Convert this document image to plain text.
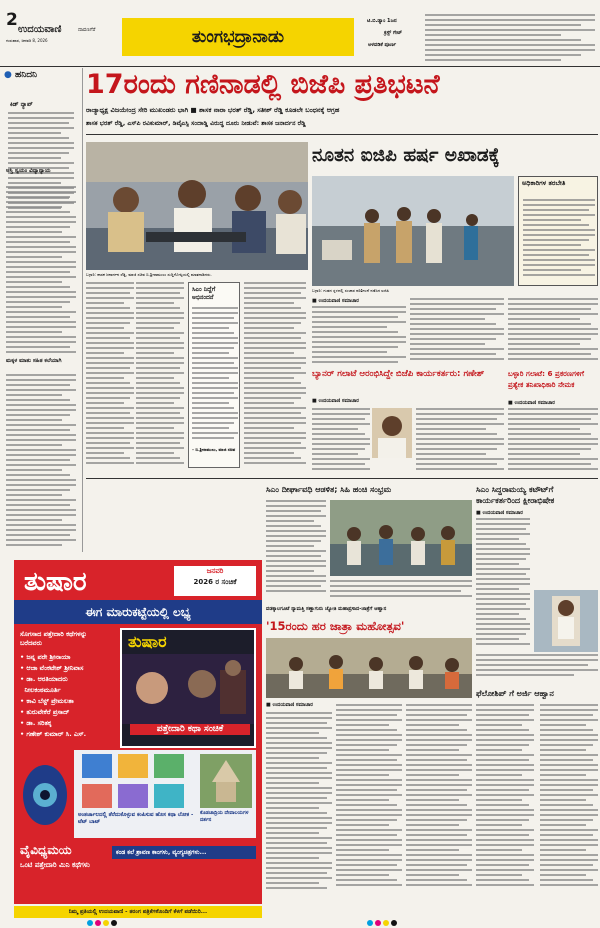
2 ಉದಯವಾಣಿ	ದಾವಣಗೆರೆ
ಗುರುವಾರ, ಜನವರಿ 8, 2026	ತುಂಗಭದ್ರಾನಾಡು
ಟಿ.ಬಿ.ಡ್ಯಾಂ 1ಜನ
ಕ್ರಸ್ಟ್ ಗೇಟ್
ಅಳವಡಿಕೆ ಪೂರ್ಣ
● ಹನಿದನಿ
ಕಿಡ್ ನ್ಯಾಪ್
ಆಸ್ತಿ ಸ್ವಯಂ ವಿದ್ಯಾನ್ಯಾಯ
ಮಕ್ಕಳ ಮಾತು ಸಹಿತ ಕಲೆಯಾಗಿ
17ರಂದು ಗಣಿನಾಡಲ್ಲಿ ಬಿಜೆಪಿ ಪ್ರತಿಭಟನೆ
ರಾಜ್ಯಾಧ್ಯಕ್ಷ ವಿಜಯೇಂದ್ರ ಸೇರಿ ಮುಖಂಡರು ಭಾಗಿ ■ ಶಾಸಕ ನಾರಾ ಭರತ್ ರೆಡ್ಡಿ, ಸತೀಶ್ ರೆಡ್ಡಿ ಕೂಡಲೇ ಬಂಧನಕ್ಕೆ ಆಗ್ರಹ
ಶಾಸಕ ಭರತ್ ರೆಡ್ಡಿ, ಎಸ್‌ಪಿ ರವಿಕುಮಾರ್, ಡಿವೈಎಸ್ಪಿ ಸಂದಾಡ್ಡಿ ವಿರುದ್ಧ ದೂರು ನೀಡುವೆ: ಶಾಸಕ ಜನಾರ್ದನ ರೆಡ್ಡಿ
ಬಳ್ಳಾರಿ: ಶಾಸಕ ಜನಾರ್ದನ ರೆಡ್ಡಿ, ಮಾಜಿ ಸಚಿವ ಬಿ.ಶ್ರೀರಾಮುಲು ಸುದ್ದಿಗೋಷ್ಠಿಯಲ್ಲಿ ಮಾತನಾಡಿದರು.
ನೂತನ ಐಜಿಪಿ ಹರ್ಷ ಅಖಾಡಕ್ಕೆ
ಬಳ್ಳಾರಿ: ಗುಡದ ಸ್ಥಳದಲ್ಲಿ ಸಂಚಾರ ಪರಿಶೀಲನೆ ನಡೆಸಿದ ಐಜಿಪಿ
ಅಧಿಕಾರಿಗಳ ತರಬೇತಿ
ಸಿಎಂ ನಿದ್ದೆಗೆ ಅಭಿನಂದನೆ
– ಬಿ.ಶ್ರೀರಾಮುಲು, ಮಾಜಿ ಸಚಿವ
■ ಉದಯವಾಣಿ ಸಮಾಚಾರ
ಬ್ಯಾನರ್ ಗಲಾಟೆ ಆರಂಭಿಸಿದ್ದೇ ಬಿಜೆಪಿ ಕಾರ್ಯಕರ್ತರು: ಗಣೇಶ್
■ ಉದಯವಾಣಿ ಸಮಾಚಾರ
ಬಳ್ಳಾರಿ ಗಲಾಟೆ: 6 ಪ್ರಕರಣಗಳಿಗೆ ಪ್ರತ್ಯೇಕ ತನಿಖಾಧಿಕಾರಿ ನೇಮಕ
■ ಉದಯವಾಣಿ ಸಮಾಚಾರ
ಸಿಎಂ ದೀರ್ಘಾವಧಿ ಆಡಳಿತ; ಸಿಹಿ ಹಂಚಿ ಸಂಭ್ರಮ	ಸಿಎಂ ಸಿದ್ದರಾಮಯ್ಯ ಕಟೌಟ್‌ಗೆ ಕಾರ್ಯಕರ್ತರಿಂದ ಕ್ಷೀರಾಭಿಷೇಕ
■ ಉದಯವಾಣಿ ಸಮಾಚಾರ
ವಡಕ್ಕಾಲಗೂಟೆ ನ್ಯಾಮತ್ತಿ ಸಣ್ಣಾಗುರು ಜ್ಯೋತಿ ಮಹಾಪ್ರಸಾದ-ಜಾತ್ರೆಗೆ ಆಹ್ವಾನ
'15ರಂದು ಹರ ಜಾತ್ರಾ ಮಹೋತ್ಸವ'
■ ಉದಯವಾಣಿ ಸಮಾಚಾರ
ಫೆಲೋಶಿಪ್ ಗೆ ಅರ್ಜಿ ಆಹ್ವಾನ
ತುಷಾರ	ಜನವರಿ
2026 ರ ಸಂಚಿಕೆ
ಈಗ ಮಾರುಕಟ್ಟೆಯಲ್ಲಿ ಲಭ್ಯ
ಸೊಗಸಾದ ಪತ್ತೇದಾರಿ ಕಥೆಗಳನ್ನು ಬರೆದವರು
• ಜನ್ನ ಪರೇ ಶ್ರೀನಾಯಾ
• ಆಜಾ ವೆಂಕಟೇಶ್ ಶ್ರೀನಿವಾಸ
• ಡಾ. ಆರತಿಯಾದರು
ನೀಲಕಂಠಮೂರ್ತಿ
• ಕಾವಿ ಬೆಸ್ಟ್ ಪ್ರೇಮಲತಾ
• ತುರುವೇಕೆರೆ ಪ್ರಸಾದ್
• ಡಾ. ಸರಿತಕ್ಕ
• ಗಣೇಶ್ ಕುಮಾರ್ ಸಿ. ಎಸ್.
ತುಷಾರ
ಪತ್ತೇದಾರಿ ಕಥಾ ಸಂಚಿಕೆ
ಅಂತರ್ಜಾಲದಲ್ಲಿ ತೆರೆದುಕೊಳ್ಳುವ ಕಂಪಿಸುವ ಹೊಸ ಕಥಾ ಲೋಕ - ಟೆಟ್ ಬಾಟ್
ಕೊಡಚಾದ್ರಿಯ ದೇವಾಲಯಗಳ ದರ್ಶನ
ವೈವಿಧ್ಯಮಯ
ಒಂಟಿ ಪತ್ತೇದಾರಿ ಮಿನಿ ಕಥೆಗಳು
ಕಂಡ ಕಲೆ ಶ್ರಾವಣ ಕಾಂಗಳು, ವ್ಯಂಗ್ಯಚಿತ್ರಗಳು...
ನಿಮ್ಮ ಪ್ರತಿಯಲ್ಲಿ ಉದಯವಾಣಿ - ತರಂಗ ಪತ್ರಿಕೆಗಳೊಂದಿಗೆ ಕೆಳಗೆ ಪಡೆಯಿರಿ...
